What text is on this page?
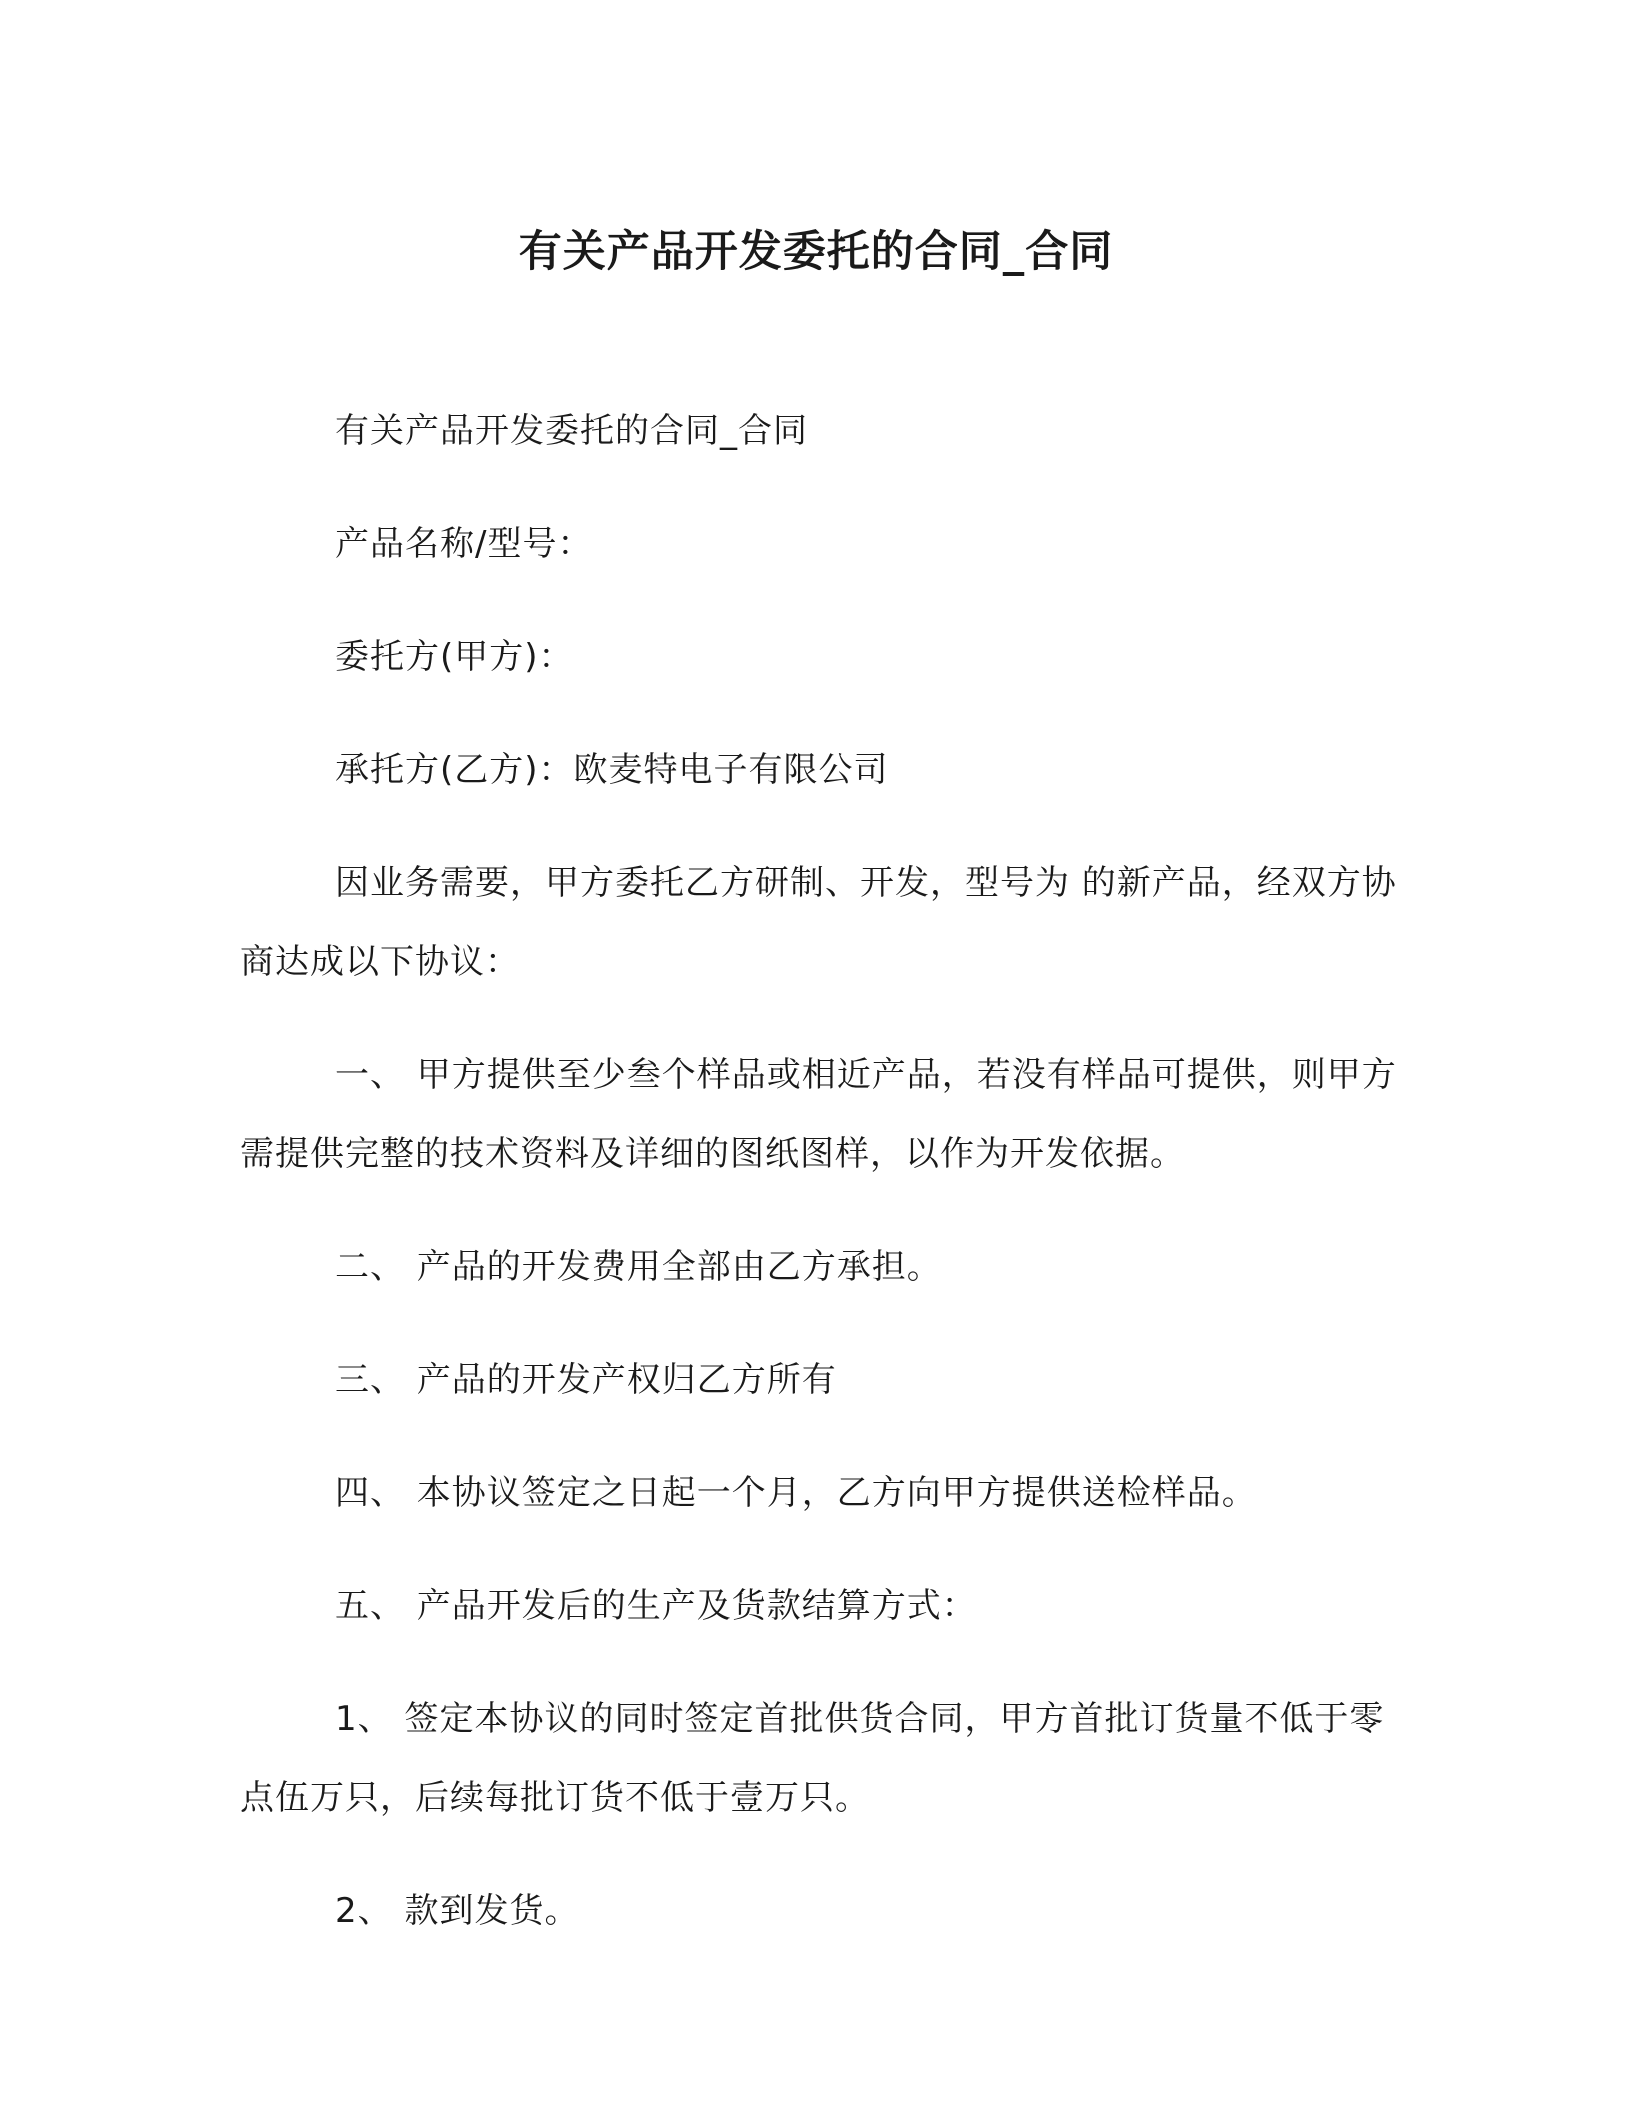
有关产品开发委托的合同_合同

有关产品开发委托的合同_合同

产品名称/型号：

委托方(甲方)：

承托方(乙方)：欧麦特电子有限公司

因业务需要，甲方委托乙方研制、开发，型号为 的新产品，经双方协商达成以下协议：

一、 甲方提供至少叁个样品或相近产品，若没有样品可提供，则甲方需提供完整的技术资料及详细的图纸图样，以作为开发依据。

二、 产品的开发费用全部由乙方承担。

三、 产品的开发产权归乙方所有

四、 本协议签定之日起一个月，乙方向甲方提供送检样品。

五、 产品开发后的生产及货款结算方式：

1、 签定本协议的同时签定首批供货合同，甲方首批订货量不低于零点伍万只，后续每批订货不低于壹万只。

2、 款到发货。
